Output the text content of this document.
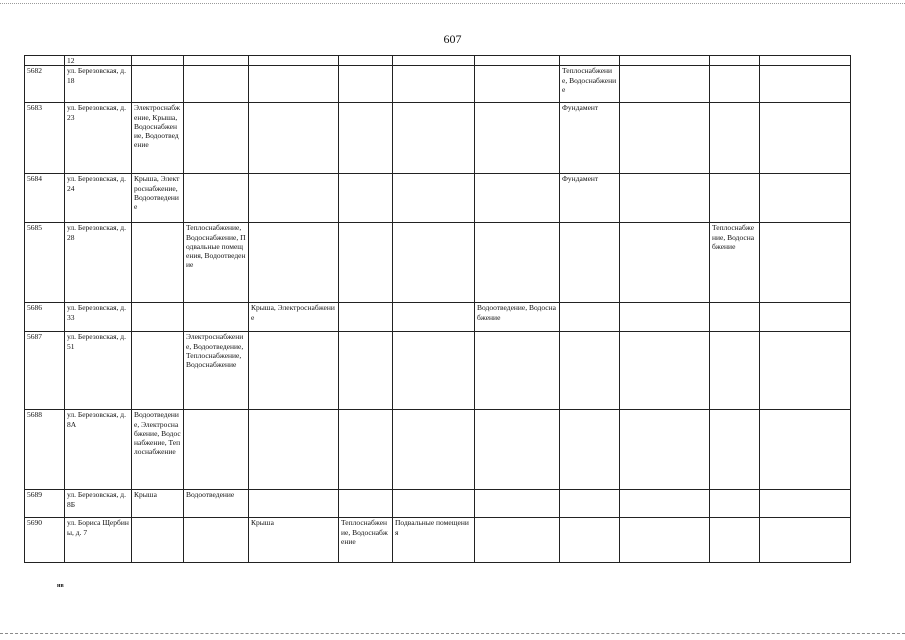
607
	12										
5682	ул. Березовская, д. 18							Теплоснабжение, Водоснабжение			
5683	ул. Березовская, д. 23	Электроснабжение, Крыша, Водоснабжение, Водоотведение						Фундамент			
5684	ул. Березовская, д. 24	Крыша, Электроснабжение, Водоотведение						Фундамент			
5685	ул. Березовская, д. 28		Теплоснабжение, Водоснабжение, Подвальные помещения, Водоотведение							Теплоснабжение, Водоснабжение	
5686	ул. Березовская, д. 33			Крыша, Электроснабжение			Водоотведение, Водоснабжение				
5687	ул. Березовская, д. 51		Электроснабжение, Водоотведение, Теплоснабжение, Водоснабжение								
5688	ул. Березовская, д. 8А	Водоотведение, Электроснабжение, Водоснабжение, Теплоснабжение									
5689	ул. Березовская, д. 8Б	Крыша	Водоотведение								
5690	ул. Бориса Щербины, д. 7			Крыша	Теплоснабжение, Водоснабжение	Подвальные помещения					
нв
